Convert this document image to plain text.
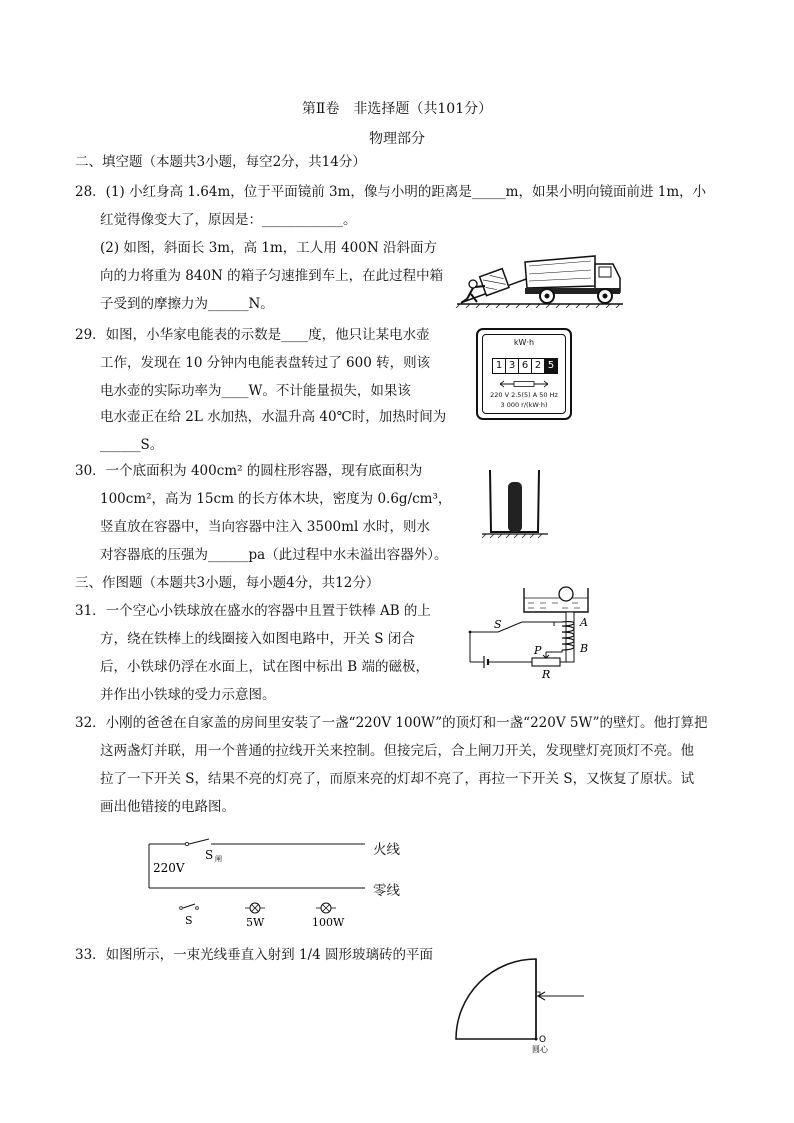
第Ⅱ卷　非选择题（共101分）
物理部分
二、填空题（本题共3小题，每空2分，共14分）
28．(1) 小红身高 1.64m，位于平面镜前 3m，像与小明的距离是_____m，如果小明向镜面前进 1m，小
红觉得像变大了，原因是：____________。
(2) 如图，斜面长 3m，高 1m，工人用 400N 沿斜面方
向的力将重为 840N 的箱子匀速推到车上，在此过程中箱
子受到的摩擦力为______N。
29．如图，小华家电能表的示数是____度，他只让某电水壶
工作，发现在 10 分钟内电能表盘转过了 600 转，则该
电水壶的实际功率为____W。不计能量损失，如果该
电水壶正在给 2L 水加热，水温升高 40℃时，加热时间为
______S。
kW·h
1 3 6 2 5
220 V 2.5(5) A 50 Hz
3 000 r/(kW·h)
30．一个底面积为 400cm² 的圆柱形容器，现有底面积为
100cm²，高为 15cm 的长方体木块，密度为 0.6g/cm³，
竖直放在容器中，当向容器中注入 3500ml 水时，则水
对容器底的压强为______pa（此过程中水未溢出容器外）。
三、作图题（本题共3小题，每小题4分，共12分）
31．一个空心小铁球放在盛水的容器中且置于铁棒 AB 的上
方，绕在铁棒上的线圈接入如图电路中，开关 S 闭合
后，小铁球仍浮在水面上，试在图中标出 B 端的磁极，
并作出小铁球的受力示意图。
S	A
B
P
R
32．小刚的爸爸在自家盖的房间里安装了一盏“220V 100W”的顶灯和一盏“220V 5W”的壁灯。他打算把
这两盏灯并联，用一个普通的拉线开关来控制。但接完后，合上闸刀开关，发现壁灯亮顶灯不亮。他
拉了一下开关 S，结果不亮的灯亮了，而原来亮的灯却不亮了，再拉一下开关 S，又恢复了原状。试
画出他错接的电路图。
220V
S 闸
S	5W	100W
火线
零线
33．如图所示，一束光线垂直入射到 1/4 圆形玻璃砖的平面
O
圆心
